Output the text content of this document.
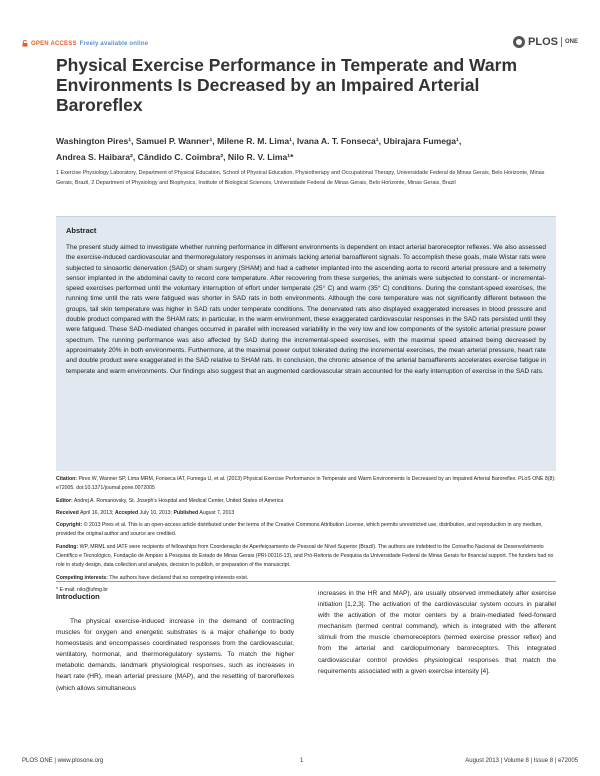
OPEN ACCESS Freely available online	PLOS ONE
Physical Exercise Performance in Temperate and Warm Environments Is Decreased by an Impaired Arterial Baroreflex
Washington Pires¹, Samuel P. Wanner¹, Milene R. M. Lima¹, Ivana A. T. Fonseca¹, Ubirajara Fumega¹,
Andrea S. Haibara², Cândido C. Coimbra², Nilo R. V. Lima¹*
1 Exercise Physiology Laboratory, Department of Physical Education, School of Physical Education, Physiotherapy and Occupational Therapy, Universidade Federal de Minas Gerais, Belo Horizonte, Minas Gerais, Brazil, 2 Department of Physiology and Biophysics, Institute of Biological Sciences, Universidade Federal de Minas Gerais, Belo Horizonte, Minas Gerais, Brazil
Abstract
The present study aimed to investigate whether running performance in different environments is dependent on intact arterial baroreceptor reflexes. We also assessed the exercise-induced cardiovascular and thermoregulatory responses in animals lacking arterial baroafferent signals. To accomplish these goals, male Wistar rats were subjected to sinoaortic denervation (SAD) or sham surgery (SHAM) and had a catheter implanted into the ascending aorta to record arterial pressure and a telemetry sensor implanted in the abdominal cavity to record core temperature. After recovering from these surgeries, the animals were subjected to constant- or incremental-speed exercises performed until the voluntary interruption of effort under temperate (25° C) and warm (35° C) conditions. During the constant-speed exercises, the running time until the rats were fatigued was shorter in SAD rats in both environments. Although the core temperature was not significantly different between the groups, tail skin temperature was higher in SAD rats under temperate conditions. The denervated rats also displayed exaggerated increases in blood pressure and double product compared with the SHAM rats; in particular, in the warm environment, these exaggerated cardiovascular responses in the SAD rats persisted until they were fatigued. These SAD-mediated changes occurred in parallel with increased variability in the very low and low components of the systolic arterial pressure power spectrum. The running performance was also affected by SAD during the incremental-speed exercises, with the maximal speed attained being decreased by approximately 20% in both environments. Furthermore, at the maximal power output tolerated during the incremental exercises, the mean arterial pressure, heart rate and double product were exaggerated in the SAD relative to SHAM rats. In conclusion, the chronic absence of the arterial baroafferents accelerates exercise fatigue in temperate and warm environments. Our findings also suggest that an augmented cardiovascular strain accounted for the early interruption of exercise in the SAD rats.

Citation: Pires W, Wanner SP, Lima MRM, Fonseca IAT, Fumega U, et al. (2013) Physical Exercise Performance in Temperate and Warm Environments Is Decreased by an Impaired Arterial Baroreflex. PLoS ONE 8(8): e72005. doi:10.1371/journal.pone.0072005

Editor: Andrej A. Romanovsky, St. Joseph's Hospital and Medical Center, United States of America

Received April 16, 2013; Accepted July 10, 2013; Published August 7, 2013

Copyright: © 2013 Pires et al. This is an open-access article distributed under the terms of the Creative Commons Attribution License, which permits unrestricted use, distribution, and reproduction in any medium, provided the original author and source are credited.

Funding: WP, MRML and IATF were recipients of fellowships from Coordenação de Aperfeiçoamento de Pessoal de Nível Superior (Brazil). The authors are indebted to the Conselho Nacional de Desenvolvimento Científico e Tecnológico, Fundação de Amparo à Pesquisa do Estado de Minas Gerais (PRI-00116-13), and Pró-Reitoria de Pesquisa da Universidade Federal de Minas Gerais for financial support. The funders had no role in study design, data collection and analysis, decision to publish, or preparation of the manuscript.

Competing interests: The authors have declared that no competing interests exist.

* E-mail: nilo@ufmg.br

Introduction
The physical exercise-induced increase in the demand of contracting muscles for oxygen and energetic substrates is a major challenge to body homeostasis and encompasses coordinated responses from the cardiovascular, ventilatory, hormonal, and thermoregulatory systems. To match the higher metabolic demands, landmark physiological responses, such as increases in heart rate (HR), mean arterial pressure (MAP), and the resetting of baroreflexes (which allows simultaneous
increases in the HR and MAP), are usually observed immediately after exercise initiation [1,2,3]. The activation of the cardiovascular system occurs in parallel with the activation of the motor centers by a brain-mediated feed-forward mechanism (termed central command), which is integrated with the afferent stimuli from the muscle chemoreceptors (termed exercise pressor reflex) and from the arterial and cardiopulmonary baroreceptors. This integrated cardiovascular control provides physiological responses that match the requirements associated with a given exercise intensity [4].
PLOS ONE | www.plosone.org	1	August 2013 | Volume 8 | Issue 8 | e72005
